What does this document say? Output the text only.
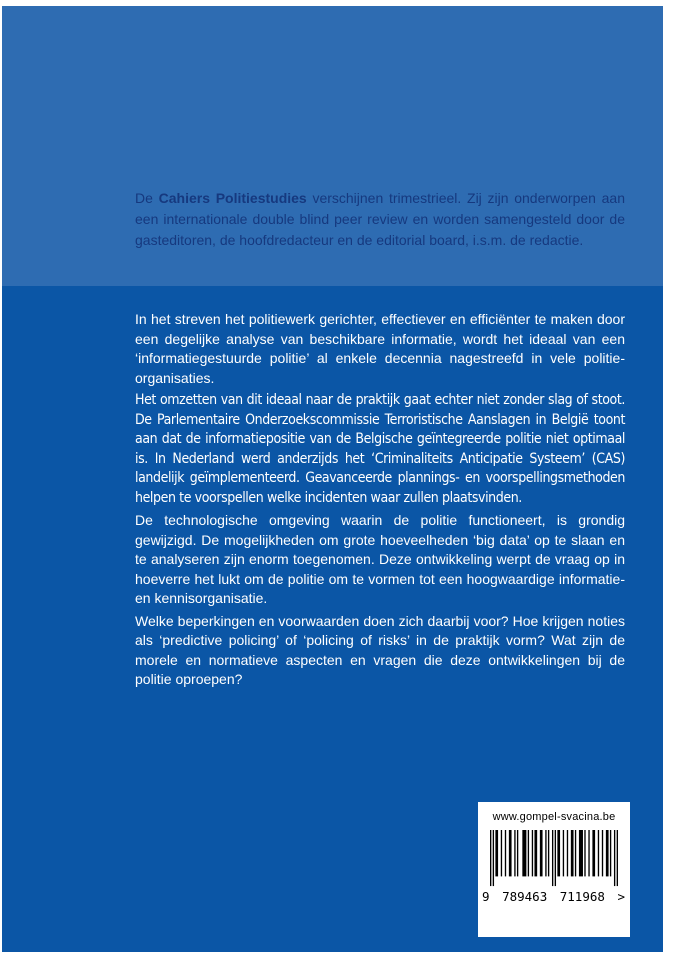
De Cahiers Politiestudies verschijnen trimestrieel. Zij zijn onderworpen aan een internationale double blind peer review en worden samengesteld door de gasteditoren, de hoofdredacteur en de editorial board, i.s.m. de redactie.

In het streven het politiewerk gerichter, effectiever en efficiënter te maken door een degelijke analyse van beschikbare informatie, wordt het ideaal van een ‘informatiegestuurde politie’ al enkele decennia nagestreefd in vele politie-organisaties.

Het omzetten van dit ideaal naar de praktijk gaat echter niet zonder slag of stoot. De Parlementaire Onderzoekscommissie Terroristische Aanslagen in België toont aan dat de informatiepositie van de Belgische geïntegreerde politie niet optimaal is. In Nederland werd anderzijds het ‘Criminaliteits Anticipatie Systeem’ (CAS) landelijk geïmplementeerd. Geavanceerde plannings- en voorspellingsmethoden helpen te voorspellen welke incidenten waar zullen plaatsvinden.

De technologische omgeving waarin de politie functioneert, is grondig gewijzigd. De mogelijkheden om grote hoeveelheden ‘big data’ op te slaan en te analyseren zijn enorm toegenomen. Deze ontwikkeling werpt de vraag op in hoeverre het lukt om de politie om te vormen tot een hoogwaardige informatie- en kennisorganisatie.

Welke beperkingen en voorwaarden doen zich daarbij voor? Hoe krijgen noties als ‘predictive policing’ of ‘policing of risks’ in de praktijk vorm? Wat zijn de morele en normatieve aspecten en vragen die deze ontwikkelingen bij de politie oproepen?

www.gompel-svacina.be
9 789463 711968 >
